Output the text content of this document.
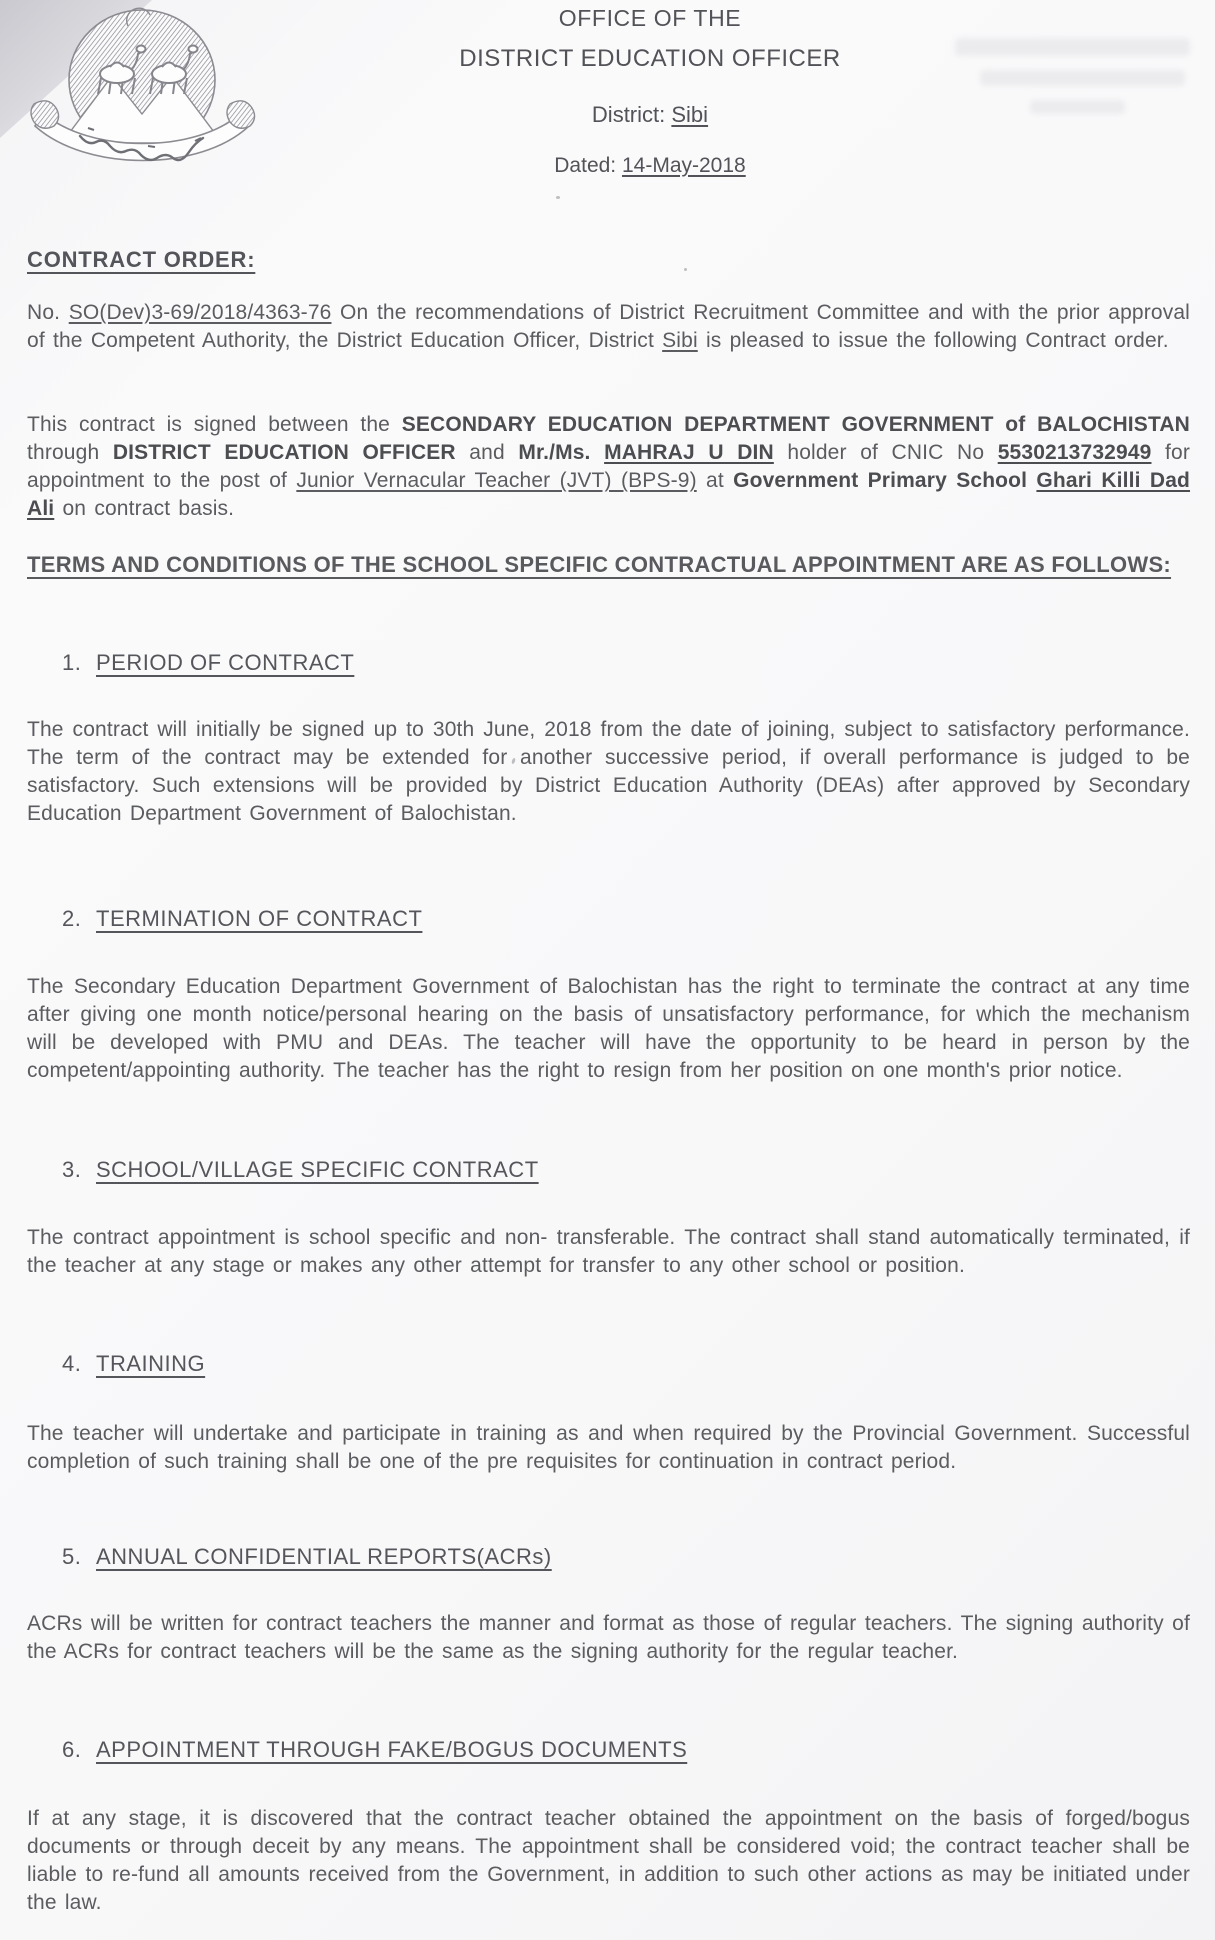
OFFICE OF THE
DISTRICT EDUCATION OFFICER
District: Sibi
Dated: 14-May-2018
CONTRACT ORDER:

No. SO(Dev)3-69/2018/4363-76 On the recommendations of District Recruitment Committee and with the prior approval of the Competent Authority, the District Education Officer, District Sibi is pleased to issue the following Contract order.

This contract is signed between the SECONDARY EDUCATION DEPARTMENT GOVERNMENT of BALOCHISTAN through DISTRICT EDUCATION OFFICER and Mr./Ms. MAHRAJ U DIN holder of CNIC No 5530213732949 for appointment to the post of Junior Vernacular Teacher (JVT) (BPS-9) at Government Primary School Ghari Killi Dad Ali on contract basis.

TERMS AND CONDITIONS OF THE SCHOOL SPECIFIC CONTRACTUAL APPOINTMENT ARE AS FOLLOWS:
1. PERIOD OF CONTRACT

The contract will initially be signed up to 30th June, 2018 from the date of joining, subject to satisfactory performance. The term of the contract may be extended for another successive period, if overall performance is judged to be satisfactory. Such extensions will be provided by District Education Authority (DEAs) after approved by Secondary Education Department Government of Balochistan.

2. TERMINATION OF CONTRACT

The Secondary Education Department Government of Balochistan has the right to terminate the contract at any time after giving one month notice/personal hearing on the basis of unsatisfactory performance, for which the mechanism will be developed with PMU and DEAs. The teacher will have the opportunity to be heard in person by the competent/appointing authority. The teacher has the right to resign from her position on one month's prior notice.

3. SCHOOL/VILLAGE SPECIFIC CONTRACT

The contract appointment is school specific and non- transferable. The contract shall stand automatically terminated, if the teacher at any stage or makes any other attempt for transfer to any other school or position.

4. TRAINING

The teacher will undertake and participate in training as and when required by the Provincial Government. Successful completion of such training shall be one of the pre requisites for continuation in contract period.

5. ANNUAL CONFIDENTIAL REPORTS(ACRs)

ACRs will be written for contract teachers the manner and format as those of regular teachers. The signing authority of the ACRs for contract teachers will be the same as the signing authority for the regular teacher.

6. APPOINTMENT THROUGH FAKE/BOGUS DOCUMENTS

If at any stage, it is discovered that the contract teacher obtained the appointment on the basis of forged/bogus documents or through deceit by any means. The appointment shall be considered void; the contract teacher shall be liable to re-fund all amounts received from the Government, in addition to such other actions as may be initiated under the law.
